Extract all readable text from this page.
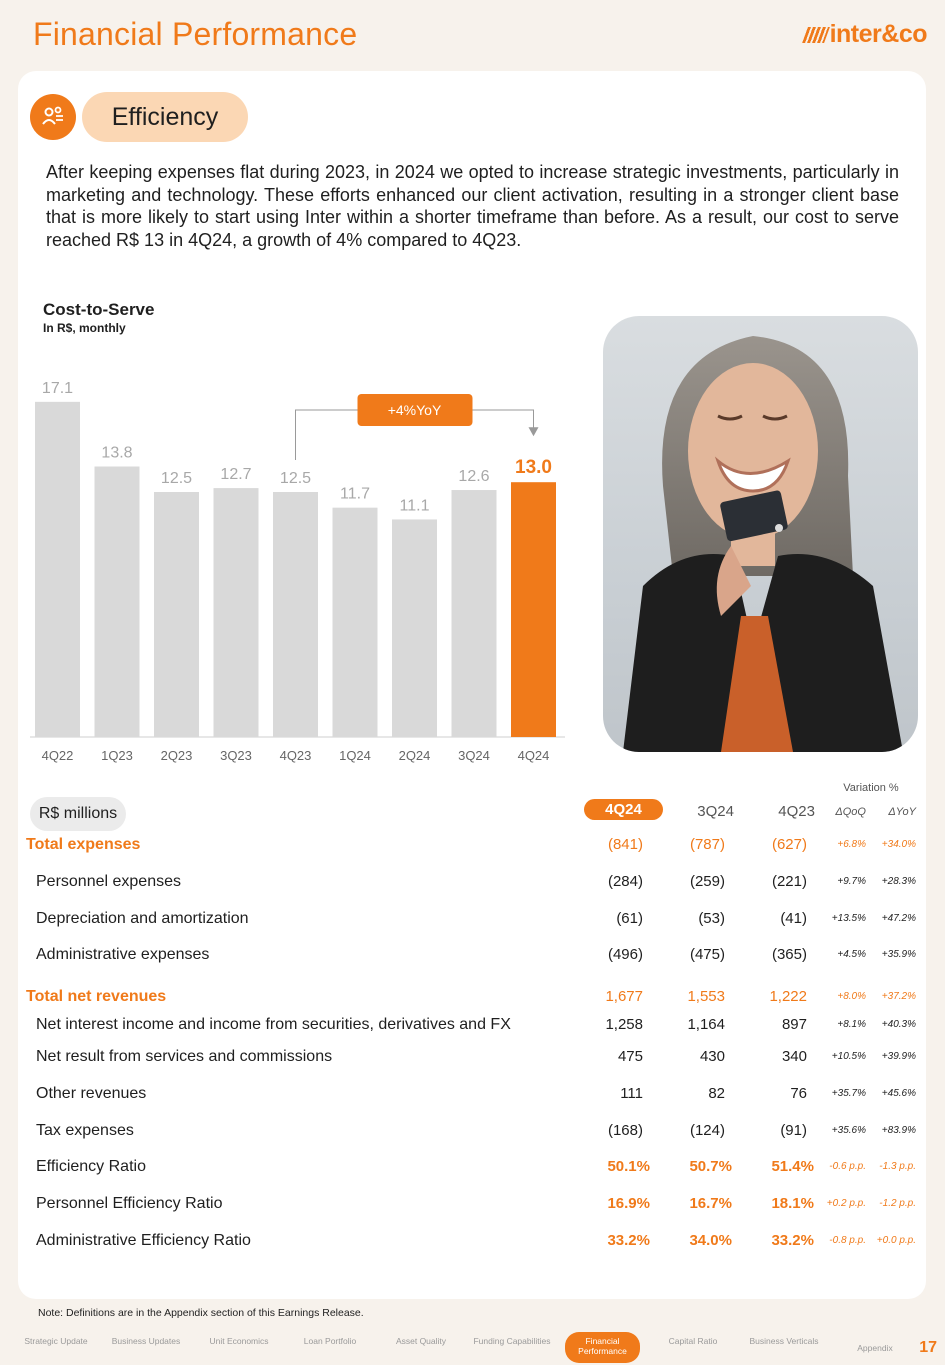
Financial Performance	inter&co
Efficiency
After keeping expenses flat during 2023, in 2024 we opted to increase strategic investments, particularly in marketing and technology. These efforts enhanced our client activation, resulting in a stronger client base that is more likely to start using Inter within a shorter timeframe than before. As a result, our cost to serve reached R$ 13 in 4Q24, a growth of 4% compared to 4Q23.
Cost-to-Serve
In R$, monthly
17.1
4Q22
13.8
1Q23
12.5
2Q23
12.7
3Q23
12.5
4Q23
11.7
1Q24
11.1
2Q24
12.6
3Q24
13.0
4Q24
+4%YoY
R$ millions
Variation %
4Q24	3Q24	4Q23	ΔQoQ	ΔYoY
Total expenses	(841)	(787)	(627)	+6.8%	+34.0%
Personnel expenses	(284)	(259)	(221)	+9.7%	+28.3%
Depreciation and amortization	(61)	(53)	(41)	+13.5%	+47.2%
Administrative expenses	(496)	(475)	(365)	+4.5%	+35.9%
Total net revenues	1,677	1,553	1,222	+8.0%	+37.2%
Net interest income and income from securities, derivatives and FX	1,258	1,164	897	+8.1%	+40.3%
Net result from services and commissions	475	430	340	+10.5%	+39.9%
Other revenues	111	82	76	+35.7%	+45.6%
Tax expenses	(168)	(124)	(91)	+35.6%	+83.9%
Efficiency Ratio	50.1%	50.7%	51.4%	-0.6 p.p.	-1.3 p.p.
Personnel Efficiency Ratio	16.9%	16.7%	18.1%	+0.2 p.p.	-1.2 p.p.
Administrative Efficiency Ratio	33.2%	34.0%	33.2%	-0.8 p.p.	+0.0 p.p.
Note: Definitions are in the Appendix section of this Earnings Release.
Strategic Update	Business Updates	Unit Economics	Loan Portfolio	Asset Quality	Funding Capabilities	Financial Performance
Capital Ratio	Business Verticals
Appendix	17
